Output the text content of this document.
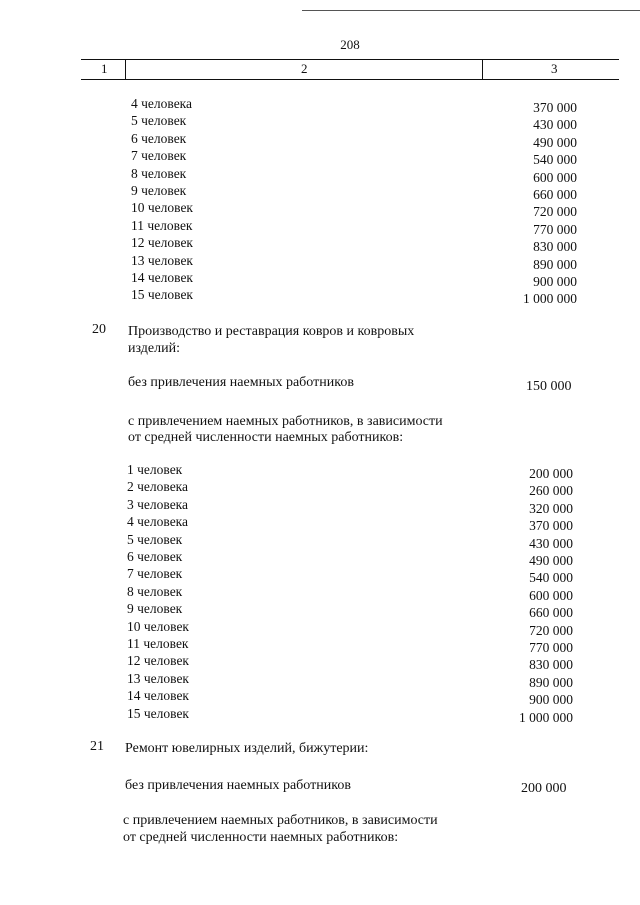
208
1	2	3
4 человека	370 000
5 человек	430 000
6 человек	490 000
7 человек	540 000
8 человек	600 000
9 человек	660 000
10 человек	720 000
11 человек	770 000
12 человек	830 000
13 человек	890 000
14 человек	900 000
15 человек	1 000 000
20 Производство и реставрация ковров и ковровых
изделий:
без привлечения наемных работников	150 000
с привлечением наемных работников, в зависимости
от средней численности наемных работников:
1 человек	200 000
2 человека	260 000
3 человека	320 000
4 человека	370 000
5 человек	430 000
6 человек	490 000
7 человек	540 000
8 человек	600 000
9 человек	660 000
10 человек	720 000
11 человек	770 000
12 человек	830 000
13 человек	890 000
14 человек	900 000
15 человек	1 000 000
21 Ремонт ювелирных изделий, бижутерии:
без привлечения наемных работников	200 000
с привлечением наемных работников, в зависимости
от средней численности наемных работников:
